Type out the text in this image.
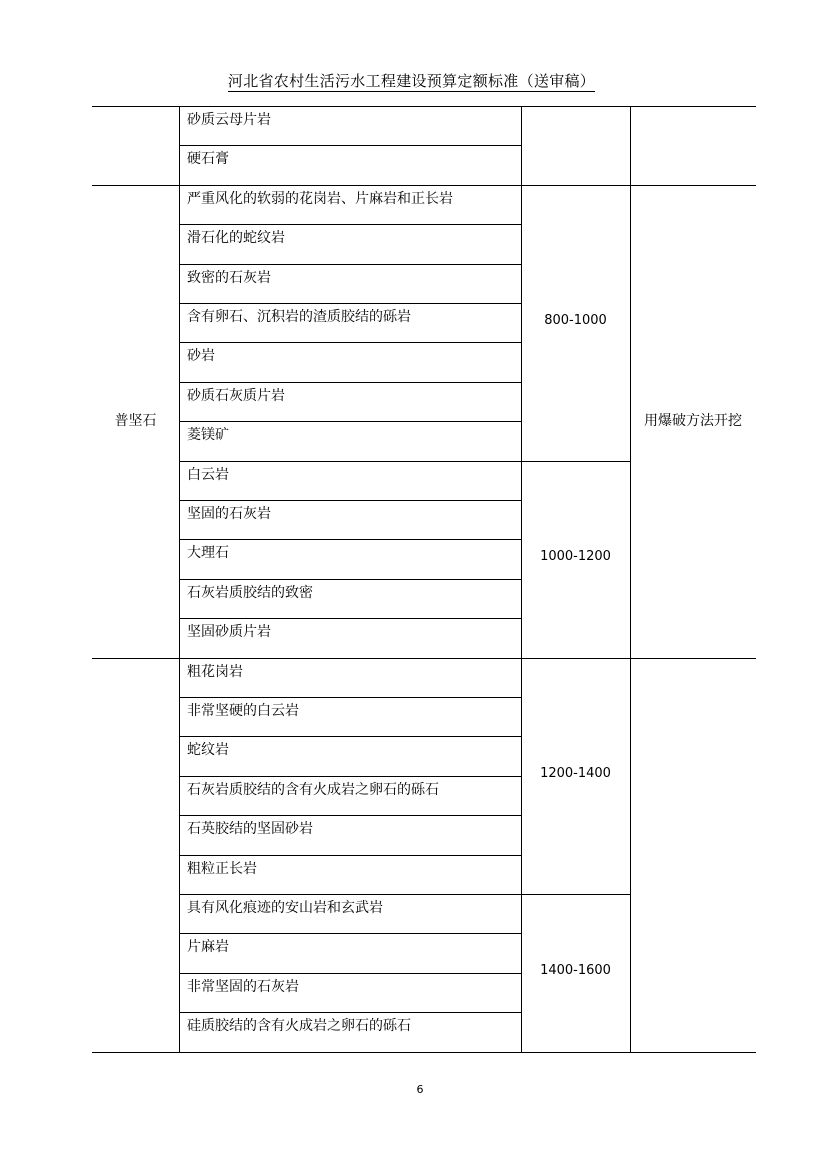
河北省农村生活污水工程建设预算定额标准（送审稿）
砂质云母片岩
硬石膏
严重风化的软弱的花岗岩、片麻岩和正长岩
滑石化的蛇纹岩
致密的石灰岩
含有卵石、沉积岩的渣质胶结的砾岩
砂岩
砂质石灰质片岩
菱镁矿
白云岩
坚固的石灰岩
大理石
石灰岩质胶结的致密
坚固砂质片岩
粗花岗岩
非常坚硬的白云岩
蛇纹岩
石灰岩质胶结的含有火成岩之卵石的砾石
石英胶结的坚固砂岩
粗粒正长岩
具有风化痕迹的安山岩和玄武岩
片麻岩
非常坚固的石灰岩
硅质胶结的含有火成岩之卵石的砾石
普坚石
800-1000
1000-1200
1200-1400
1400-1600
用爆破方法开挖
6
